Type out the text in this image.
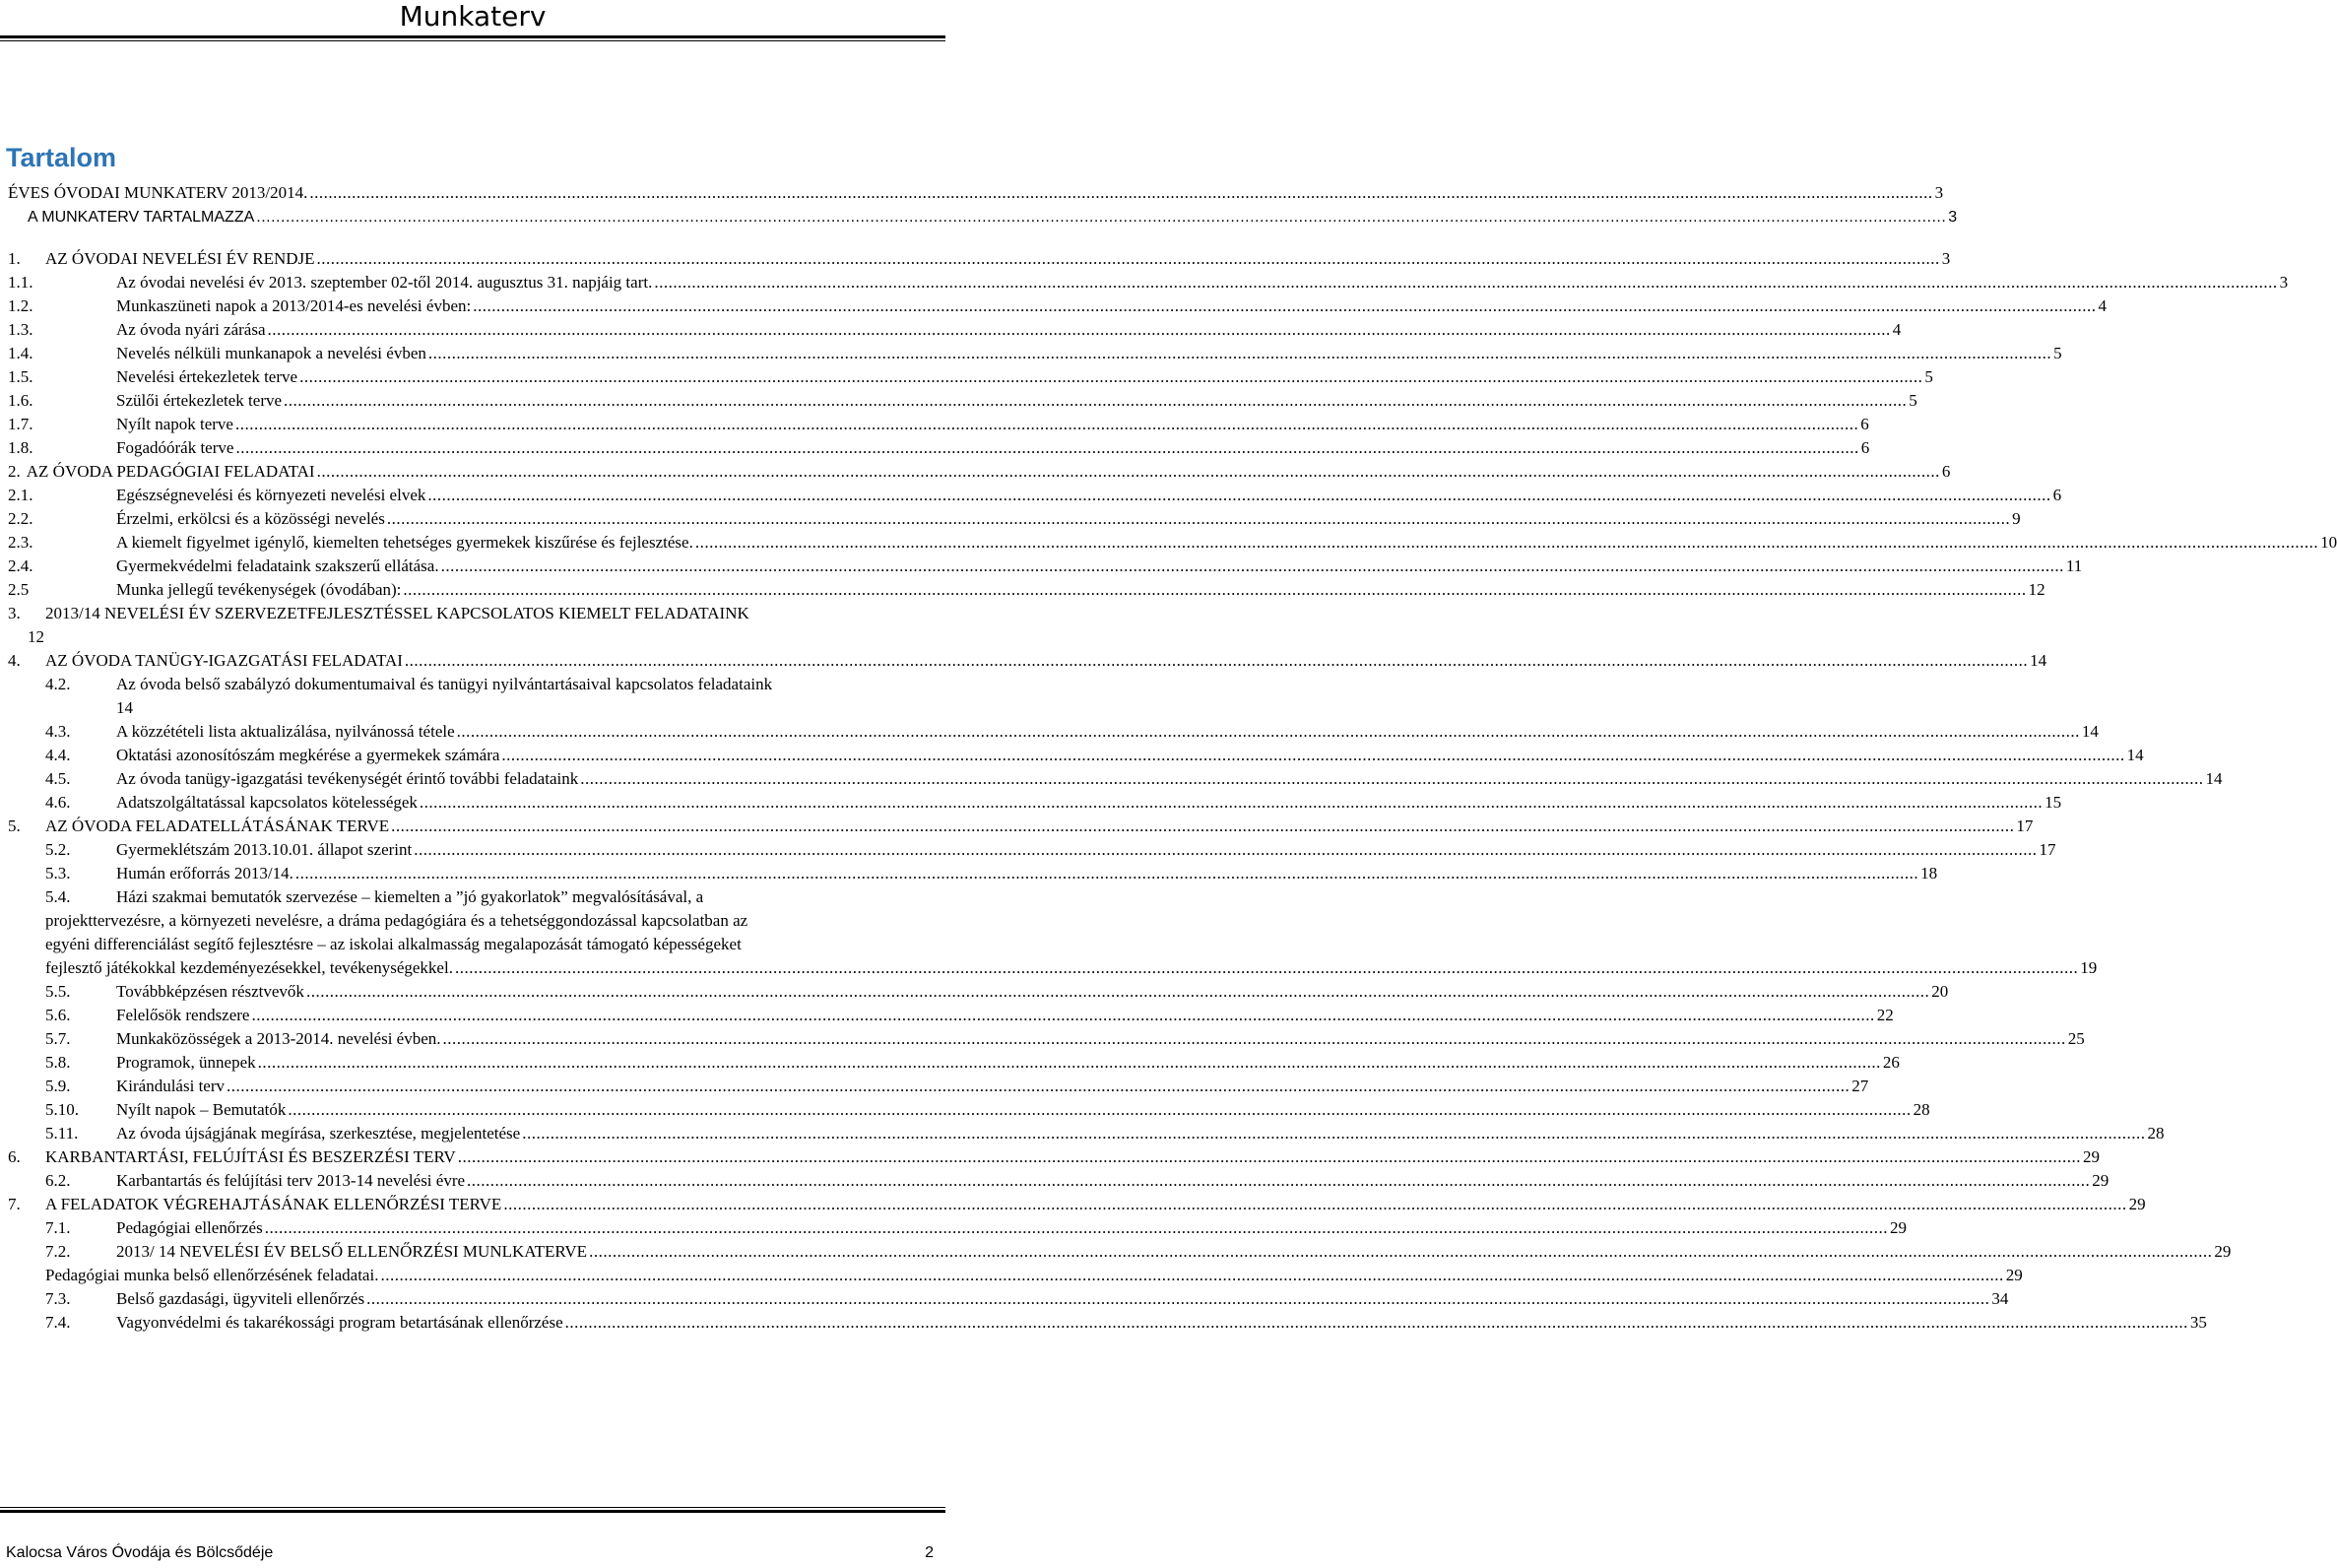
Munkaterv
Tartalom
ÉVES ÓVODAI MUNKATERV 2013/2014. .....	3
A MUNKATERV TARTALMAZZA .....	3
1.	AZ ÓVODAI NEVELÉSI ÉV RENDJE .....	3
1.1.	Az óvodai nevelési év 2013. szeptember 02-től 2014. augusztus 31. napjáig tart. .....	3
1.2.	Munkaszüneti napok a 2013/2014-es nevelési évben: .....	4
1.3.	Az óvoda nyári zárása .....	4
1.4.	Nevelés nélküli munkanapok a nevelési évben .....	5
1.5.	Nevelési értekezletek terve .....	5
1.6.	Szülői értekezletek terve .....	5
1.7.	Nyílt napok terve .....	6
1.8.	Fogadóórák terve .....	6
2. AZ ÓVODA PEDAGÓGIAI FELADATAI .....	6
2.1.	Egészségnevelési és környezeti nevelési elvek .....	6
2.2.	Érzelmi, erkölcsi és a közösségi nevelés .....	9
2.3.	A kiemelt figyelmet igénylő, kiemelten tehetséges gyermekek kiszűrése és fejlesztése. .....	10
2.4.	Gyermekvédelmi feladataink szakszerű ellátása. .....	11
2.5	Munka jellegű tevékenységek (óvodában): .....	12
3.	2013/14 NEVELÉSI ÉV SZERVEZETFEJLESZTÉSSEL KAPCSOLATOS KIEMELT FELADATAINK
12
4.	AZ ÓVODA TANÜGY-IGAZGATÁSI FELADATAI .....	14
4.2.	Az óvoda belső szabályzó dokumentumaival és tanügyi nyilvántartásaival kapcsolatos feladataink
14
4.3.	A közzétételi lista aktualizálása, nyilvánossá tétele .....	14
4.4.	Oktatási azonosítószám megkérése a gyermekek számára .....	14
4.5.	Az óvoda tanügy-igazgatási tevékenységét érintő további feladataink .....	14
4.6.	Adatszolgáltatással kapcsolatos kötelességek .....	15
5.	AZ ÓVODA FELADATELLÁTÁSÁNAK TERVE .....	17
5.2.	Gyermeklétszám 2013.10.01. állapot szerint .....	17
5.3.	Humán erőforrás 2013/14. .....	18
5.4.	Házi szakmai bemutatók szervezése – kiemelten a ”jó gyakorlatok” megvalósításával, a
projekttervezésre, a környezeti nevelésre, a dráma pedagógiára és a tehetséggondozással kapcsolatban az
egyéni differenciálást segítő fejlesztésre – az iskolai alkalmasság megalapozását támogató képességeket
fejlesztő játékokkal kezdeményezésekkel, tevékenységekkel. .....	19
5.5.	Továbbképzésen résztvevők .....	20
5.6.	Felelősök rendszere .....	22
5.7.	Munkaközösségek a 2013-2014. nevelési évben. .....	25
5.8.	Programok, ünnepek .....	26
5.9.	Kirándulási terv .....	27
5.10.	Nyílt napok – Bemutatók .....	28
5.11.	Az óvoda újságjának megírása, szerkesztése, megjelentetése .....	28
6.	KARBANTARTÁSI, FELÚJÍTÁSI ÉS BESZERZÉSI TERV .....	29
6.2.	Karbantartás és felújítási terv 2013-14 nevelési évre .....	29
7.	A FELADATOK VÉGREHAJTÁSÁNAK ELLENŐRZÉSI TERVE .....	29
7.1.	Pedagógiai ellenőrzés .....	29
7.2.	2013/ 14 NEVELÉSI ÉV BELSŐ ELLENŐRZÉSI MUNLKATERVE .....	29
Pedagógiai munka belső ellenőrzésének feladatai. .....	29
7.3.	Belső gazdasági, ügyviteli ellenőrzés .....	34
7.4.	Vagyonvédelmi és takarékossági program betartásának ellenőrzése .....	35
Kalocsa Város Óvodája és Bölcsődéje	2
